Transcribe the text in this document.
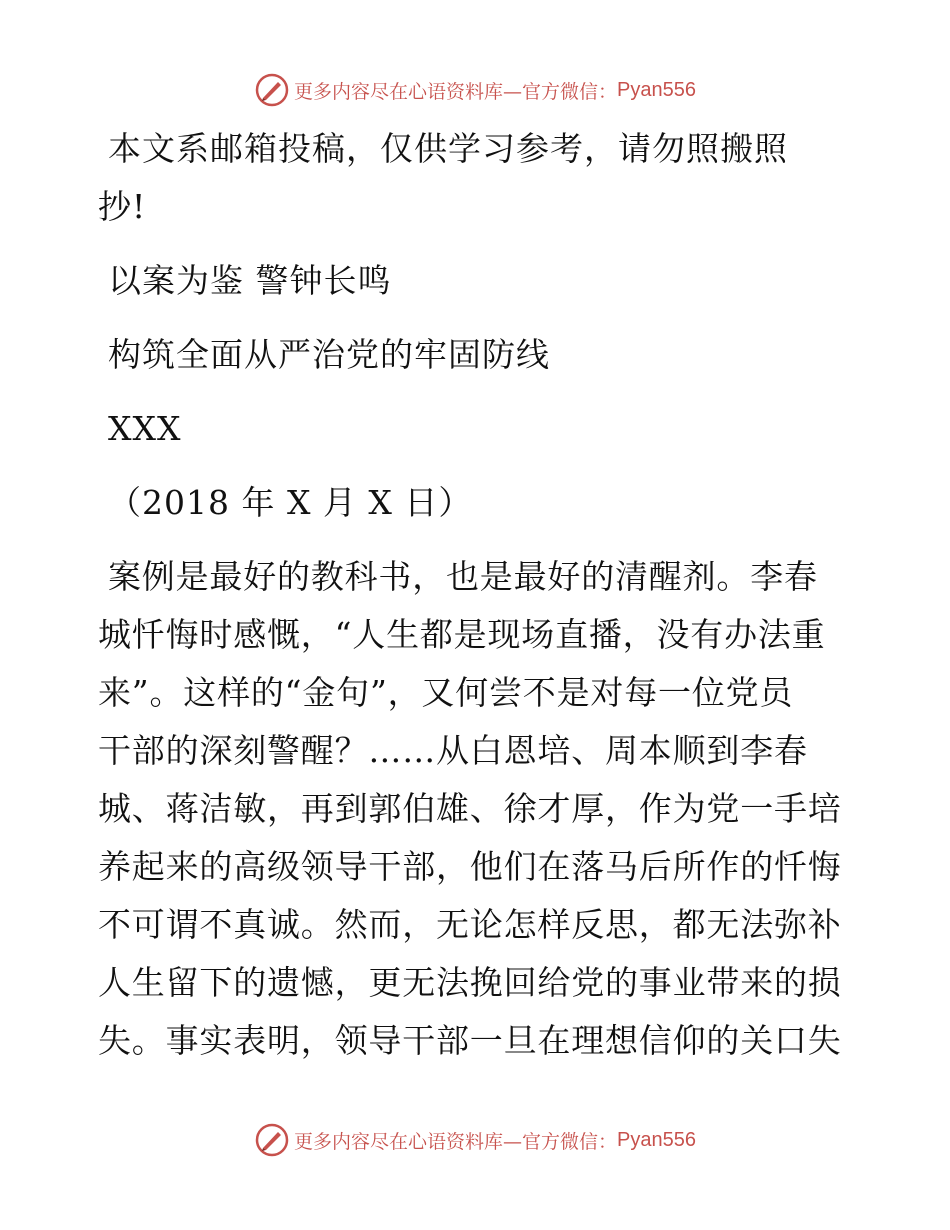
更多内容尽在心语资料库—官方微信： Pyan556
本文系邮箱投稿，仅供学习参考，请勿照搬照
抄!
以案为鉴 警钟长鸣
构筑全面从严治党的牢固防线
XXX
（2018 年 X 月 X 日）
案例是最好的教科书，也是最好的清醒剂。李春
城忏悔时感慨，“人生都是现场直播，没有办法重
来”。这样的“金句”，又何尝不是对每一位党员
干部的深刻警醒？……从白恩培、周本顺到李春
城、蒋洁敏，再到郭伯雄、徐才厚，作为党一手培
养起来的高级领导干部，他们在落马后所作的忏悔
不可谓不真诚。然而，无论怎样反思，都无法弥补
人生留下的遗憾，更无法挽回给党的事业带来的损
失。事实表明，领导干部一旦在理想信仰的关口失
更多内容尽在心语资料库—官方微信： Pyan556
